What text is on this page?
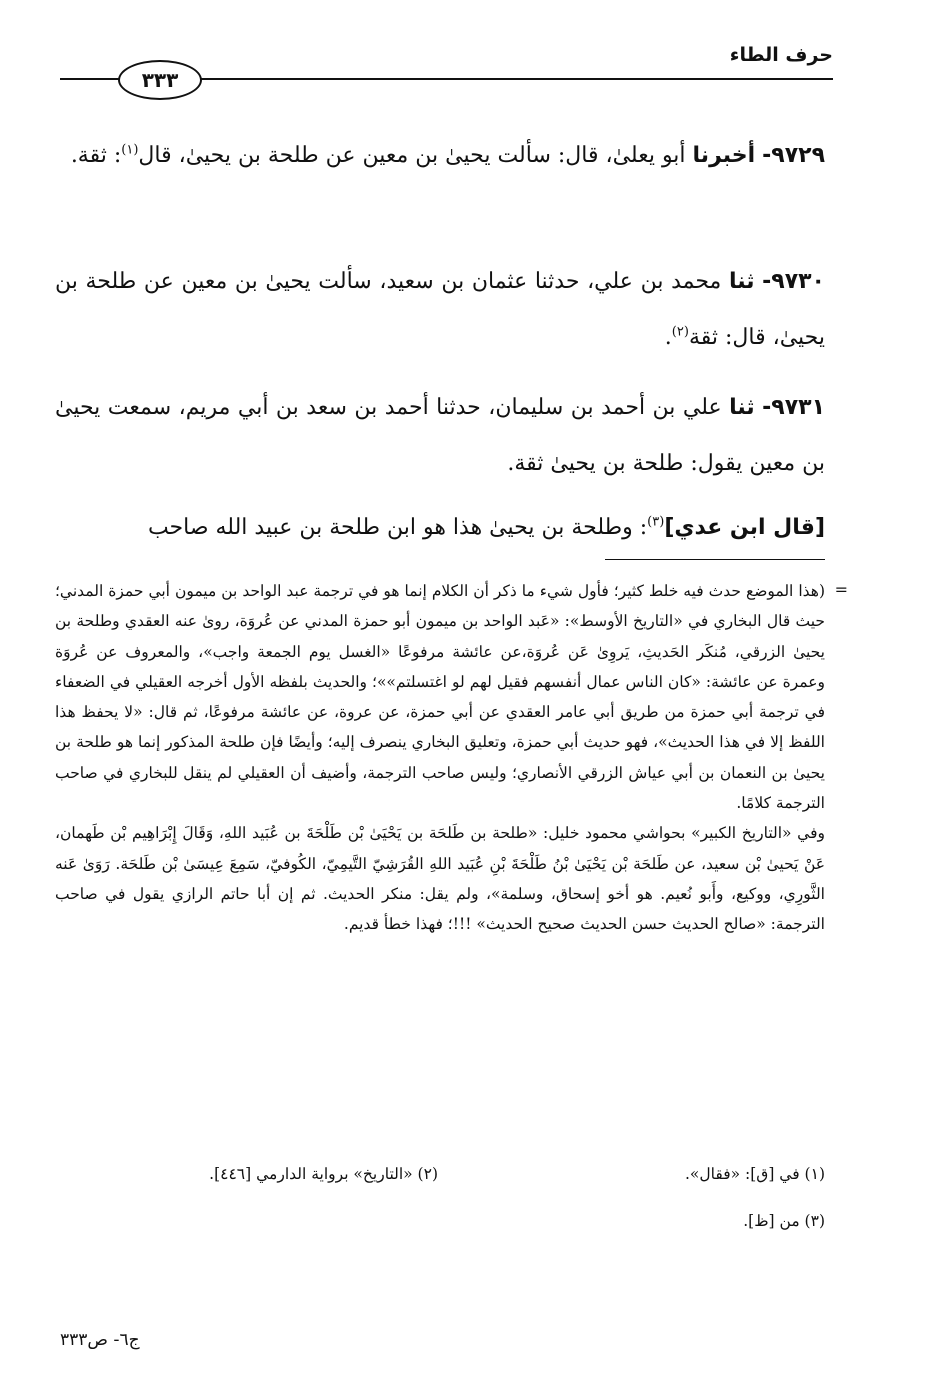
حرف الطاء
٣٣٣
٩٧٢٩- أخبرنا أبو يعلىٰ، قال: سألت يحيىٰ بن معين عن طلحة بن يحيىٰ، قال$^{(١)}$: ثقة.
٩٧٣٠- ثنا محمد بن علي، حدثنا عثمان بن سعيد، سألت يحيىٰ بن معين عن طلحة بن يحيىٰ، قال: ثقة$^{(٢)}$.
٩٧٣١- ثنا علي بن أحمد بن سليمان، حدثنا أحمد بن سعد بن أبي مريم، سمعت يحيىٰ بن معين يقول: طلحة بن يحيىٰ ثقة.
[قال ابن عدي]$^{(٣)}$: وطلحة بن يحيىٰ هذا هو ابن طلحة بن عبيد الله صاحب
=

(هذا الموضع حدث فيه خلط كثير؛ فأول شيء ما ذكر أن الكلام إنما هو في ترجمة عبد الواحد بن ميمون أبي حمزة المدني؛ حيث قال البخاري في «التاريخ الأوسط»: «عَبد الواحد بن ميمون أبو حمزة المدني عن عُروَة، روىٰ عنه العقدي وطلحة بن يحيىٰ الزرقي، مُنكَر الحَديثِ، يَروِىٰ عَن عُروَة،عن عائشة مرفوعًا «الغسل يوم الجمعة واجب»، والمعروف عن عُروَة وعمرة عن عائشة: «كان الناس عمال أنفسهم فقيل لهم لو اغتسلتم»»؛ والحديث بلفظه الأول أخرجه العقيلي في الضعفاء في ترجمة أبي حمزة من طريق أبي عامر العقدي عن أبي حمزة، عن عروة، عن عائشة مرفوعًا، ثم قال: «لا يحفظ هذا اللفظ إلا في هذا الحديث»، فهو حديث أبي حمزة، وتعليق البخاري ينصرف إليه؛ وأيضًا فإن طلحة المذكور إنما هو طلحة بن يحيىٰ بن النعمان بن أبي عياش الزرقي الأنصاري؛ وليس صاحب الترجمة، وأضيف أن العقيلي لم ينقل للبخاري في صاحب الترجمة كلامًا.

وفي «التاريخ الكبير» بحواشي محمود خليل: «طلحة بن طَلحَة بن يَحْيَىٰ بْن طَلْحَةَ بن عُبَيد اللهِ، وَقَالَ إِبْرَاهِيم بْن طَهمان، عَنْ يَحيىٰ بْن سعيد، عن طَلحَة بْن يَحْيَىٰ بْنُ طَلْحَةَ بْنِ عُبَيد اللهِ القُرَشِيّ التَّيمِيّ، الكُوفيّ، سَمِعَ عِيسَىٰ بْن طَلحَة. رَوَىٰ عَنه الثَّورِي، ووكيع، وأَبو نُعيم. هو أخو إسحاق، وسلمة»، ولم يقل: منكر الحديث. ثم إن أبا حاتم الرازي يقول في صاحب الترجمة: «صالح الحديث حسن الحديث صحيح الحديث» !!!؛ فهذا خطأ قديم.

(١) في [ق]: «فقال».
(٢) «التاريخ» برواية الدارمي [٤٤٦].
(٣) من [ظ].
ج٦- ص٣٣٣
